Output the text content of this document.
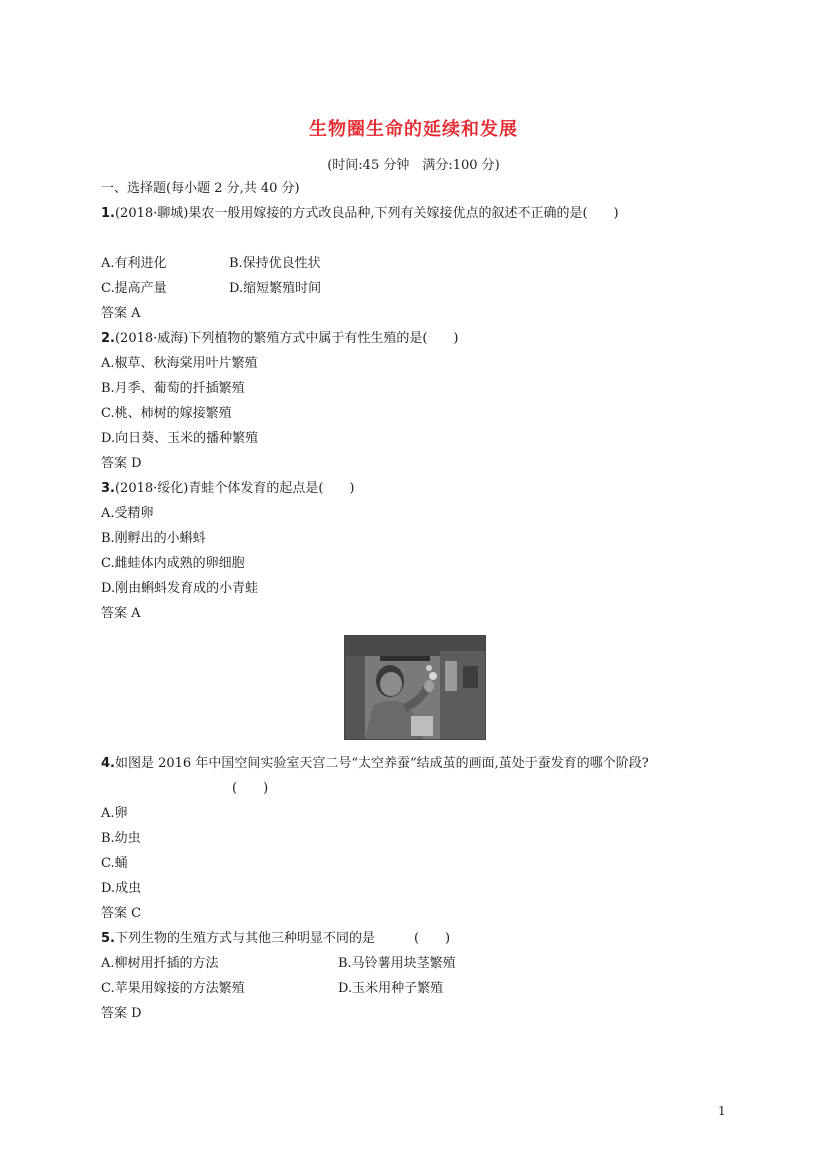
生物圈生命的延续和发展
(时间:45 分钟　满分:100 分)
一、选择题(每小题 2 分,共 40 分)
1.(2018·聊城)果农一般用嫁接的方式改良品种,下列有关嫁接优点的叙述不正确的是(　　)
A.有利进化	B.保持优良性状
C.提高产量	D.缩短繁殖时间
答案 A
2.(2018·威海)下列植物的繁殖方式中属于有性生殖的是(　　)
A.椒草、秋海棠用叶片繁殖
B.月季、葡萄的扦插繁殖
C.桃、柿树的嫁接繁殖
D.向日葵、玉米的播种繁殖
答案 D
3.(2018·绥化)青蛙个体发育的起点是(　　)
A.受精卵
B.刚孵出的小蝌蚪
C.雌蛙体内成熟的卵细胞
D.刚由蝌蚪发育成的小青蛙
答案 A
4.如图是 2016 年中国空间实验室天宫二号“太空养蚕”结成茧的画面,茧处于蚕发育的哪个阶段?
(　　)
A.卵
B.幼虫
C.蛹
D.成虫
答案 C
5.下列生物的生殖方式与其他三种明显不同的是　　　(　　)
A.柳树用扦插的方法	B.马铃薯用块茎繁殖
C.苹果用嫁接的方法繁殖	D.玉米用种子繁殖
答案 D
1
